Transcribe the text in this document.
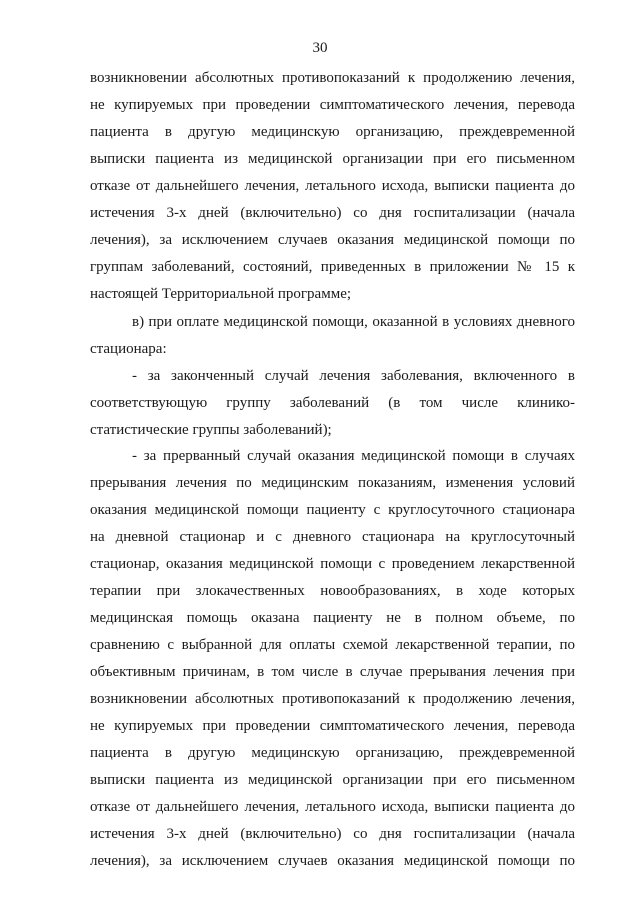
30
возникновении абсолютных противопоказаний к продолжению лечения,
не купируемых при проведении симптоматического лечения, перевода
пациента в другую медицинскую организацию, преждевременной
выписки пациента из медицинской организации при его письменном
отказе от дальнейшего лечения, летального исхода, выписки пациента до
истечения 3-х дней (включительно) со дня госпитализации (начала
лечения), за исключением случаев оказания медицинской помощи по
группам заболеваний, состояний, приведенных в приложении № 15 к
настоящей Территориальной программе;
в) при оплате медицинской помощи, оказанной в условиях дневного
стационара:
- за законченный случай лечения заболевания, включенного в
соответствующую группу заболеваний (в том числе клинико-
статистические группы заболеваний);
- за прерванный случай оказания медицинской помощи в случаях
прерывания лечения по медицинским показаниям, изменения условий
оказания медицинской помощи пациенту с круглосуточного стационара
на дневной стационар и с дневного стационара на круглосуточный
стационар, оказания медицинской помощи с проведением лекарственной
терапии при злокачественных новообразованиях, в ходе которых
медицинская помощь оказана пациенту не в полном объеме, по
сравнению с выбранной для оплаты схемой лекарственной терапии, по
объективным причинам, в том числе в случае прерывания лечения при
возникновении абсолютных противопоказаний к продолжению лечения,
не купируемых при проведении симптоматического лечения, перевода
пациента в другую медицинскую организацию, преждевременной
выписки пациента из медицинской организации при его письменном
отказе от дальнейшего лечения, летального исхода, выписки пациента до
истечения 3-х дней (включительно) со дня госпитализации (начала
лечения), за исключением случаев оказания медицинской помощи по
